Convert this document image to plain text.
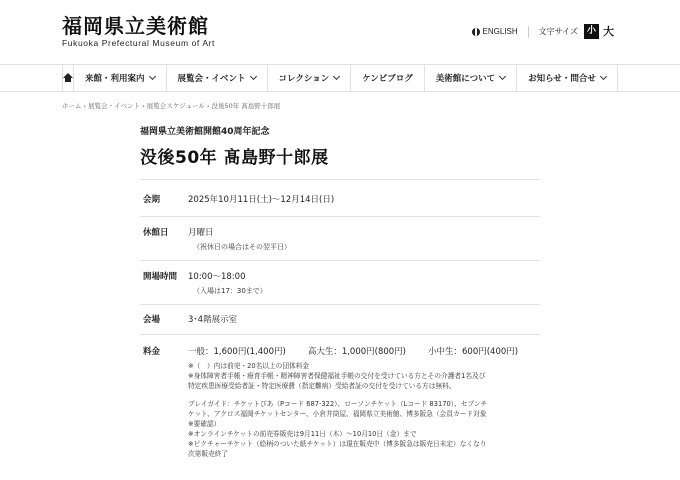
福岡県立美術館
Fukuoka Prefectural Museum of Art
ENGLISH	文字サイズ 小 大
来館・利用案内	展覧会・イベント	コレクション	ケンビブログ	美術館について	お知らせ・問合せ
ホーム › 展覧会・イベント › 展覧会スケジュール › 没後50年 髙島野十郎展
福岡県立美術館開館40周年記念
没後50年 髙島野十郎展
会期	2025年10月11日(土)〜12月14日(日)
休館日 月曜日
（祝休日の場合はその翌平日）
開場時間 10:00〜18:00
（入場は17：30まで）
会場	3･4階展示室
料金	一般：1,600円(1,400円)	高大生：1,000円(800円)	小中生：600円(400円)
※（　）内は前売・20名以上の団体料金
※身体障害者手帳・療育手帳・精神障害者保健福祉手帳の交付を受けている方とその介護者1名及び
特定疾患医療受給者証・特定医療費（指定難病）受給者証の交付を受けている方は無料。
プレイガイド：チケットぴあ（Pコード 687-322）、ローソンチケット（Lコード 83170）、セブンチ
ケット、アクロス福岡チケットセンター、小倉井筒屋、福岡県立美術館、博多阪急（会員カード対象
※要確認）
※オンラインチケットの前売券販売は9月11日（木）〜10月10日（金）まで
※ピクチャーチケット（絵柄のついた紙チケット）は現在販売中（博多阪急は販売日未定）なくなり
次第販売終了
